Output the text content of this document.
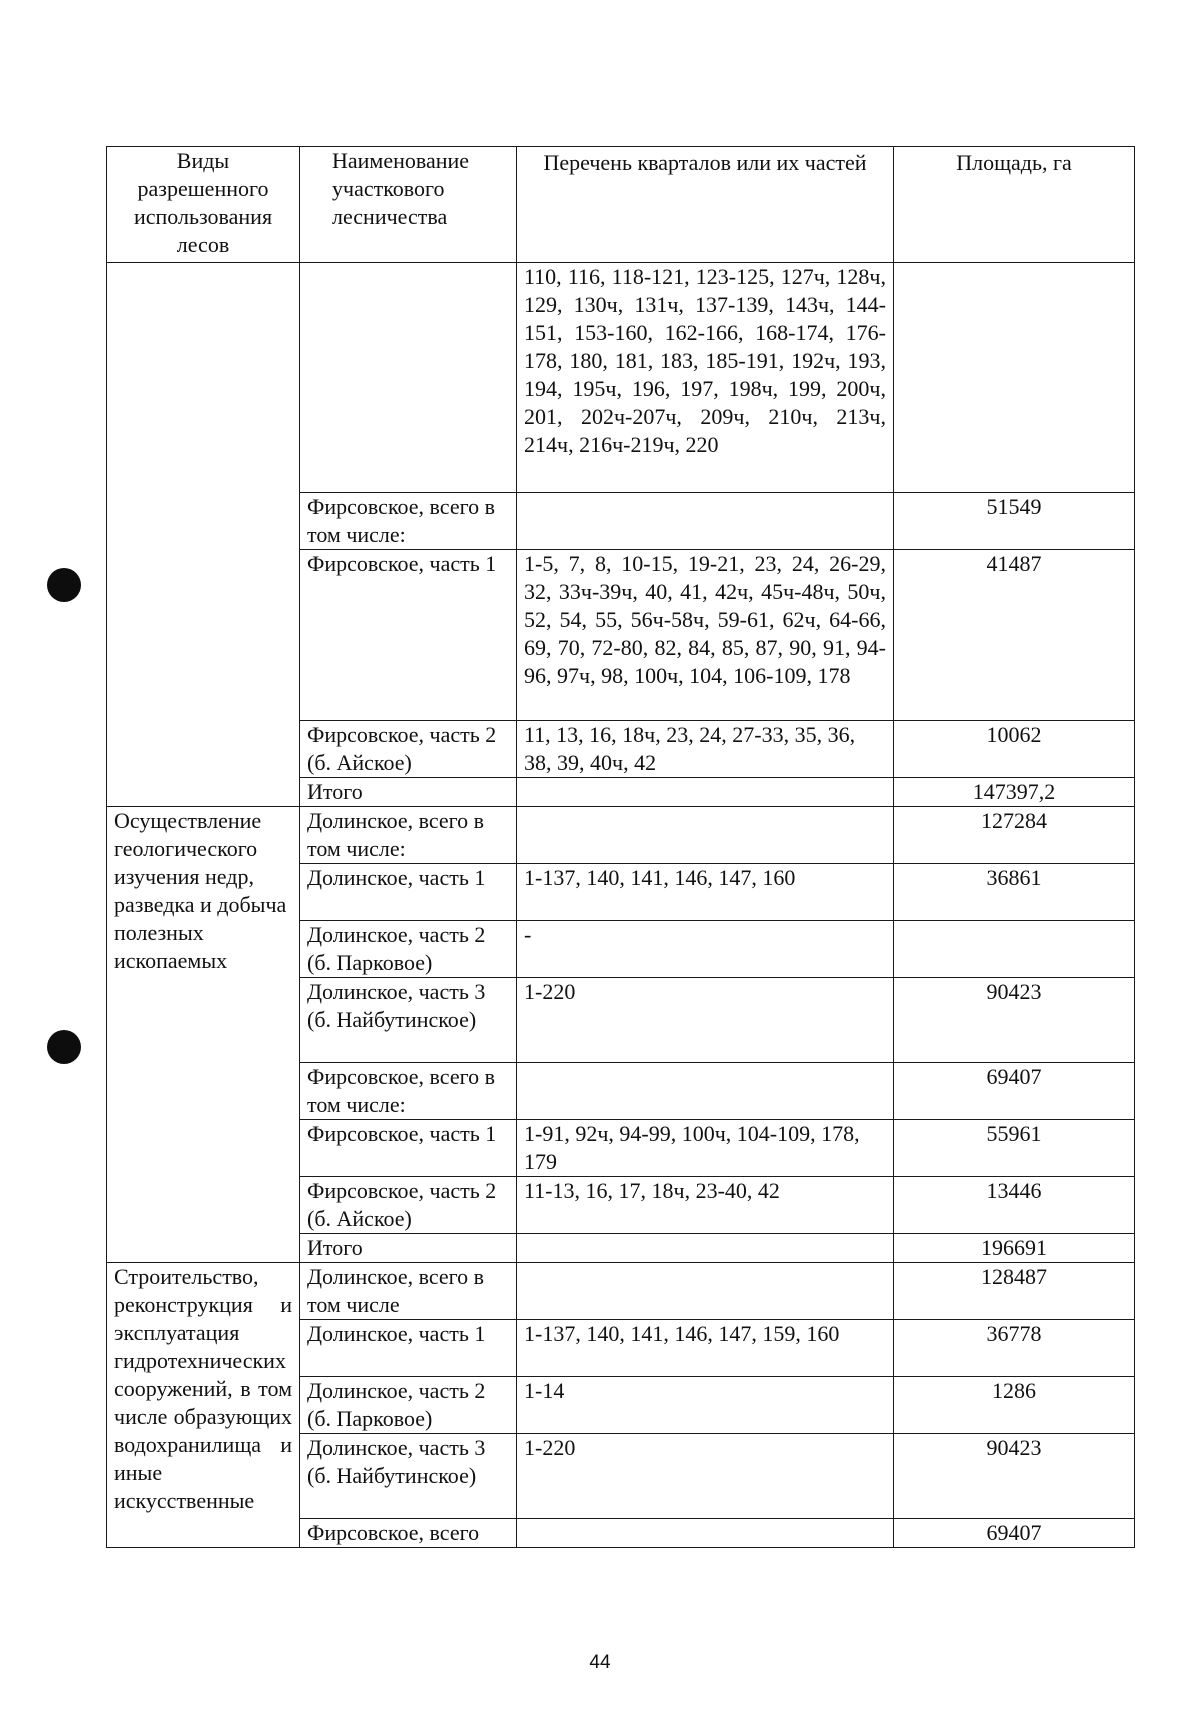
Виды разрешенного использования лесов	Наименование участкового лесничества	Перечень кварталов или их частей	Площадь, га
		110, 116, 118-121, 123-125, 127ч, 128ч, 129, 130ч, 131ч, 137-139, 143ч, 144-151, 153-160, 162-166, 168-174, 176-178, 180, 181, 183, 185-191, 192ч, 193, 194, 195ч, 196, 197, 198ч, 199, 200ч, 201, 202ч-207ч, 209ч, 210ч, 213ч, 214ч, 216ч-219ч, 220	
	Фирсовское, всего в том числе:		51549
	Фирсовское, часть 1	1-5, 7, 8, 10-15, 19-21, 23, 24, 26-29, 32, 33ч-39ч, 40, 41, 42ч, 45ч-48ч, 50ч, 52, 54, 55, 56ч-58ч, 59-61, 62ч, 64-66, 69, 70, 72-80, 82, 84, 85, 87, 90, 91, 94-96, 97ч, 98, 100ч, 104, 106-109, 178	41487
	Фирсовское, часть 2 (б. Айское)	11, 13, 16, 18ч, 23, 24, 27-33, 35, 36, 38, 39, 40ч, 42	10062
	Итого		147397,2
Осуществление геологического изучения недр, разведка и добыча полезных ископаемых	Долинское, всего в том числе:		127284
	Долинское, часть 1	1-137, 140, 141, 146, 147, 160	36861
	Долинское, часть 2 (б. Парковое)	-	
	Долинское, часть 3 (б. Найбутинское)	1-220	90423
	Фирсовское, всего в том числе:		69407
	Фирсовское, часть 1	1-91, 92ч, 94-99, 100ч, 104-109, 178, 179	55961
	Фирсовское, часть 2 (б. Айское)	11-13, 16, 17, 18ч, 23-40, 42	13446
	Итого		196691
Строительство, реконструкция и эксплуатация гидротехнических сооружений, в том числе образующих водохранилища и иные искусственные	Долинское, всего в том числе		128487
	Долинское, часть 1	1-137, 140, 141, 146, 147, 159, 160	36778
	Долинское, часть 2 (б. Парковое)	1-14	1286
	Долинское, часть 3 (б. Найбутинское)	1-220	90423
	Фирсовское, всего		69407
44
